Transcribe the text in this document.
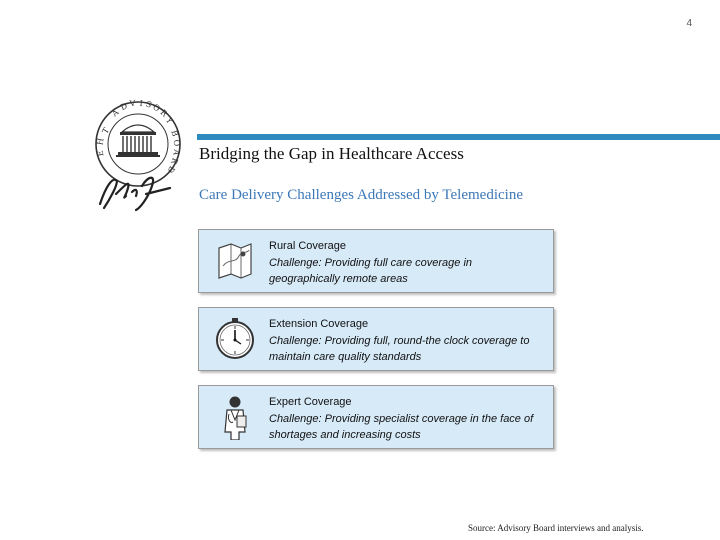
4
T
H
E
A
D V I S
O
R
Y
B
O
A
R
D
Bridging the Gap in Healthcare Access
Care Delivery Challenges Addressed by Telemedicine
Rural Coverage
Challenge: Providing full care coverage in geographically remote areas
Extension Coverage
Challenge: Providing full, round-the clock coverage to maintain care quality standards
Expert Coverage
Challenge: Providing specialist coverage in the face of shortages and increasing costs
Source: Advisory Board interviews and analysis.
